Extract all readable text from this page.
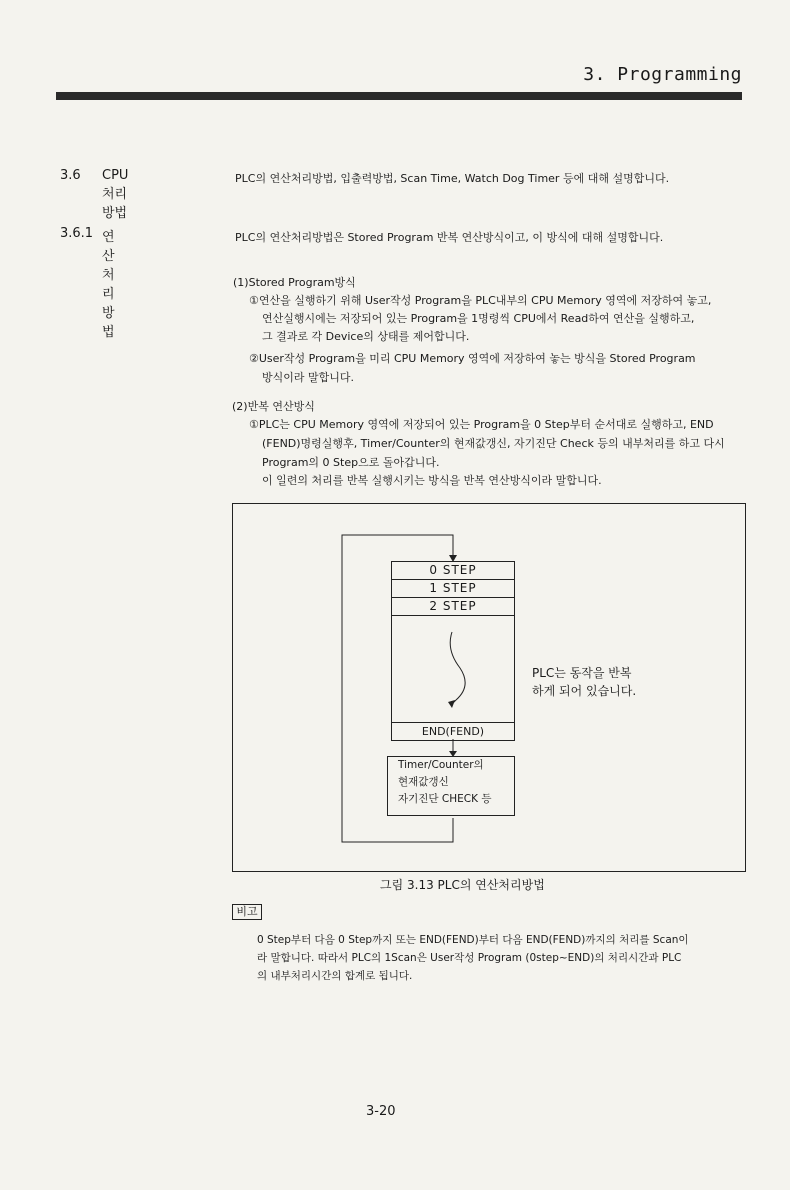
3. Programming
3.6 CPU 처리방법
PLC의 연산처리방법, 입출력방법, Scan Time, Watch Dog Timer 등에 대해 설명합니다.
3.6.1 연산처리방법
PLC의 연산처리방법은 Stored Program 반복 연산방식이고, 이 방식에 대해 설명합니다.
(1)Stored Program방식
①연산을 실행하기 위해 User작성 Program을 PLC내부의 CPU Memory 영역에 저장하여 놓고,
연산실행시에는 저장되어 있는 Program을 1명령씩 CPU에서 Read하여 연산을 실행하고,
그 결과로 각 Device의 상태를 제어합니다.
②User작성 Program을 미리 CPU Memory 영역에 저장하여 놓는 방식을 Stored Program
방식이라 말합니다.
(2)반복 연산방식
①PLC는 CPU Memory 영역에 저장되어 있는 Program을 0 Step부터 순서대로 실행하고, END
(FEND)명령실행후, Timer/Counter의 현재값갱신, 자기진단 Check 등의 내부처리를 하고 다시
Program의 0 Step으로 돌아갑니다.
이 일련의 처리를 반복 실행시키는 방식을 반복 연산방식이라 말합니다.
0 STEP
1 STEP
2 STEP
END(FEND)
Timer/Counter의
현재값갱신
자기진단 CHECK 등
PLC는 동작을 반복
하게 되어 있습니다.
그림 3.13 PLC의 연산처리방법
비고
0 Step부터 다음 0 Step까지 또는 END(FEND)부터 다음 END(FEND)까지의 처리를 Scan이
라 말합니다. 따라서 PLC의 1Scan은 User작성 Program (0step~END)의 처리시간과 PLC
의 내부처리시간의 합계로 됩니다.
3-20
